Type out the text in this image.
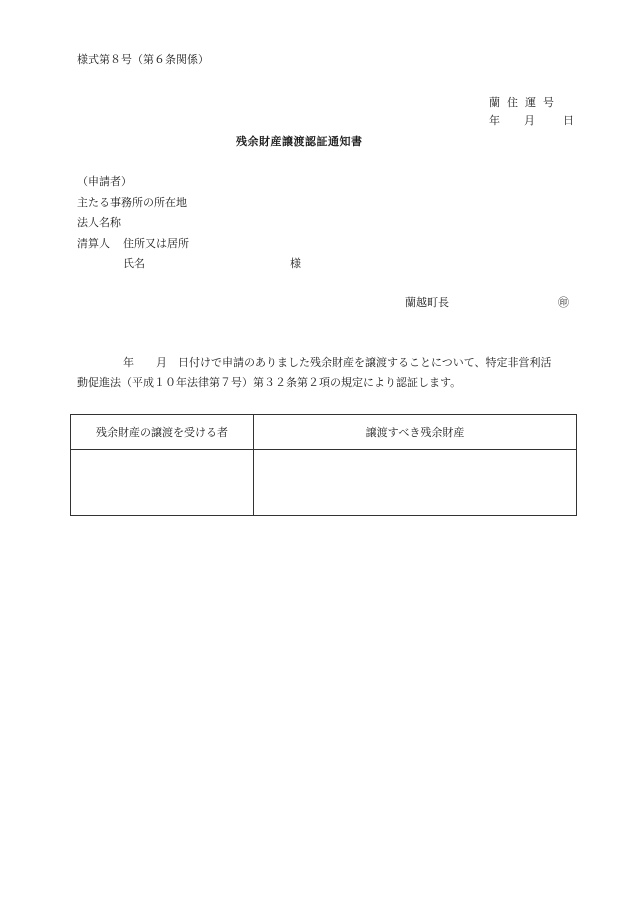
様式第８号（第６条関係）
蘭住運号
年 月	日
残余財産譲渡認証通知書
（申請者）
主たる事務所の所在地
法人名称
清算人 住所又は居所
氏名	様
蘭越町長	㊞
年　　 月　 日付けで申請のありました残余財産を譲渡することについて、特定非営利活
動促進法（平成１０年法律第７号）第３２条第２項の規定により認証します。
残余財産の譲渡を受ける者	譲渡すべき残余財産
